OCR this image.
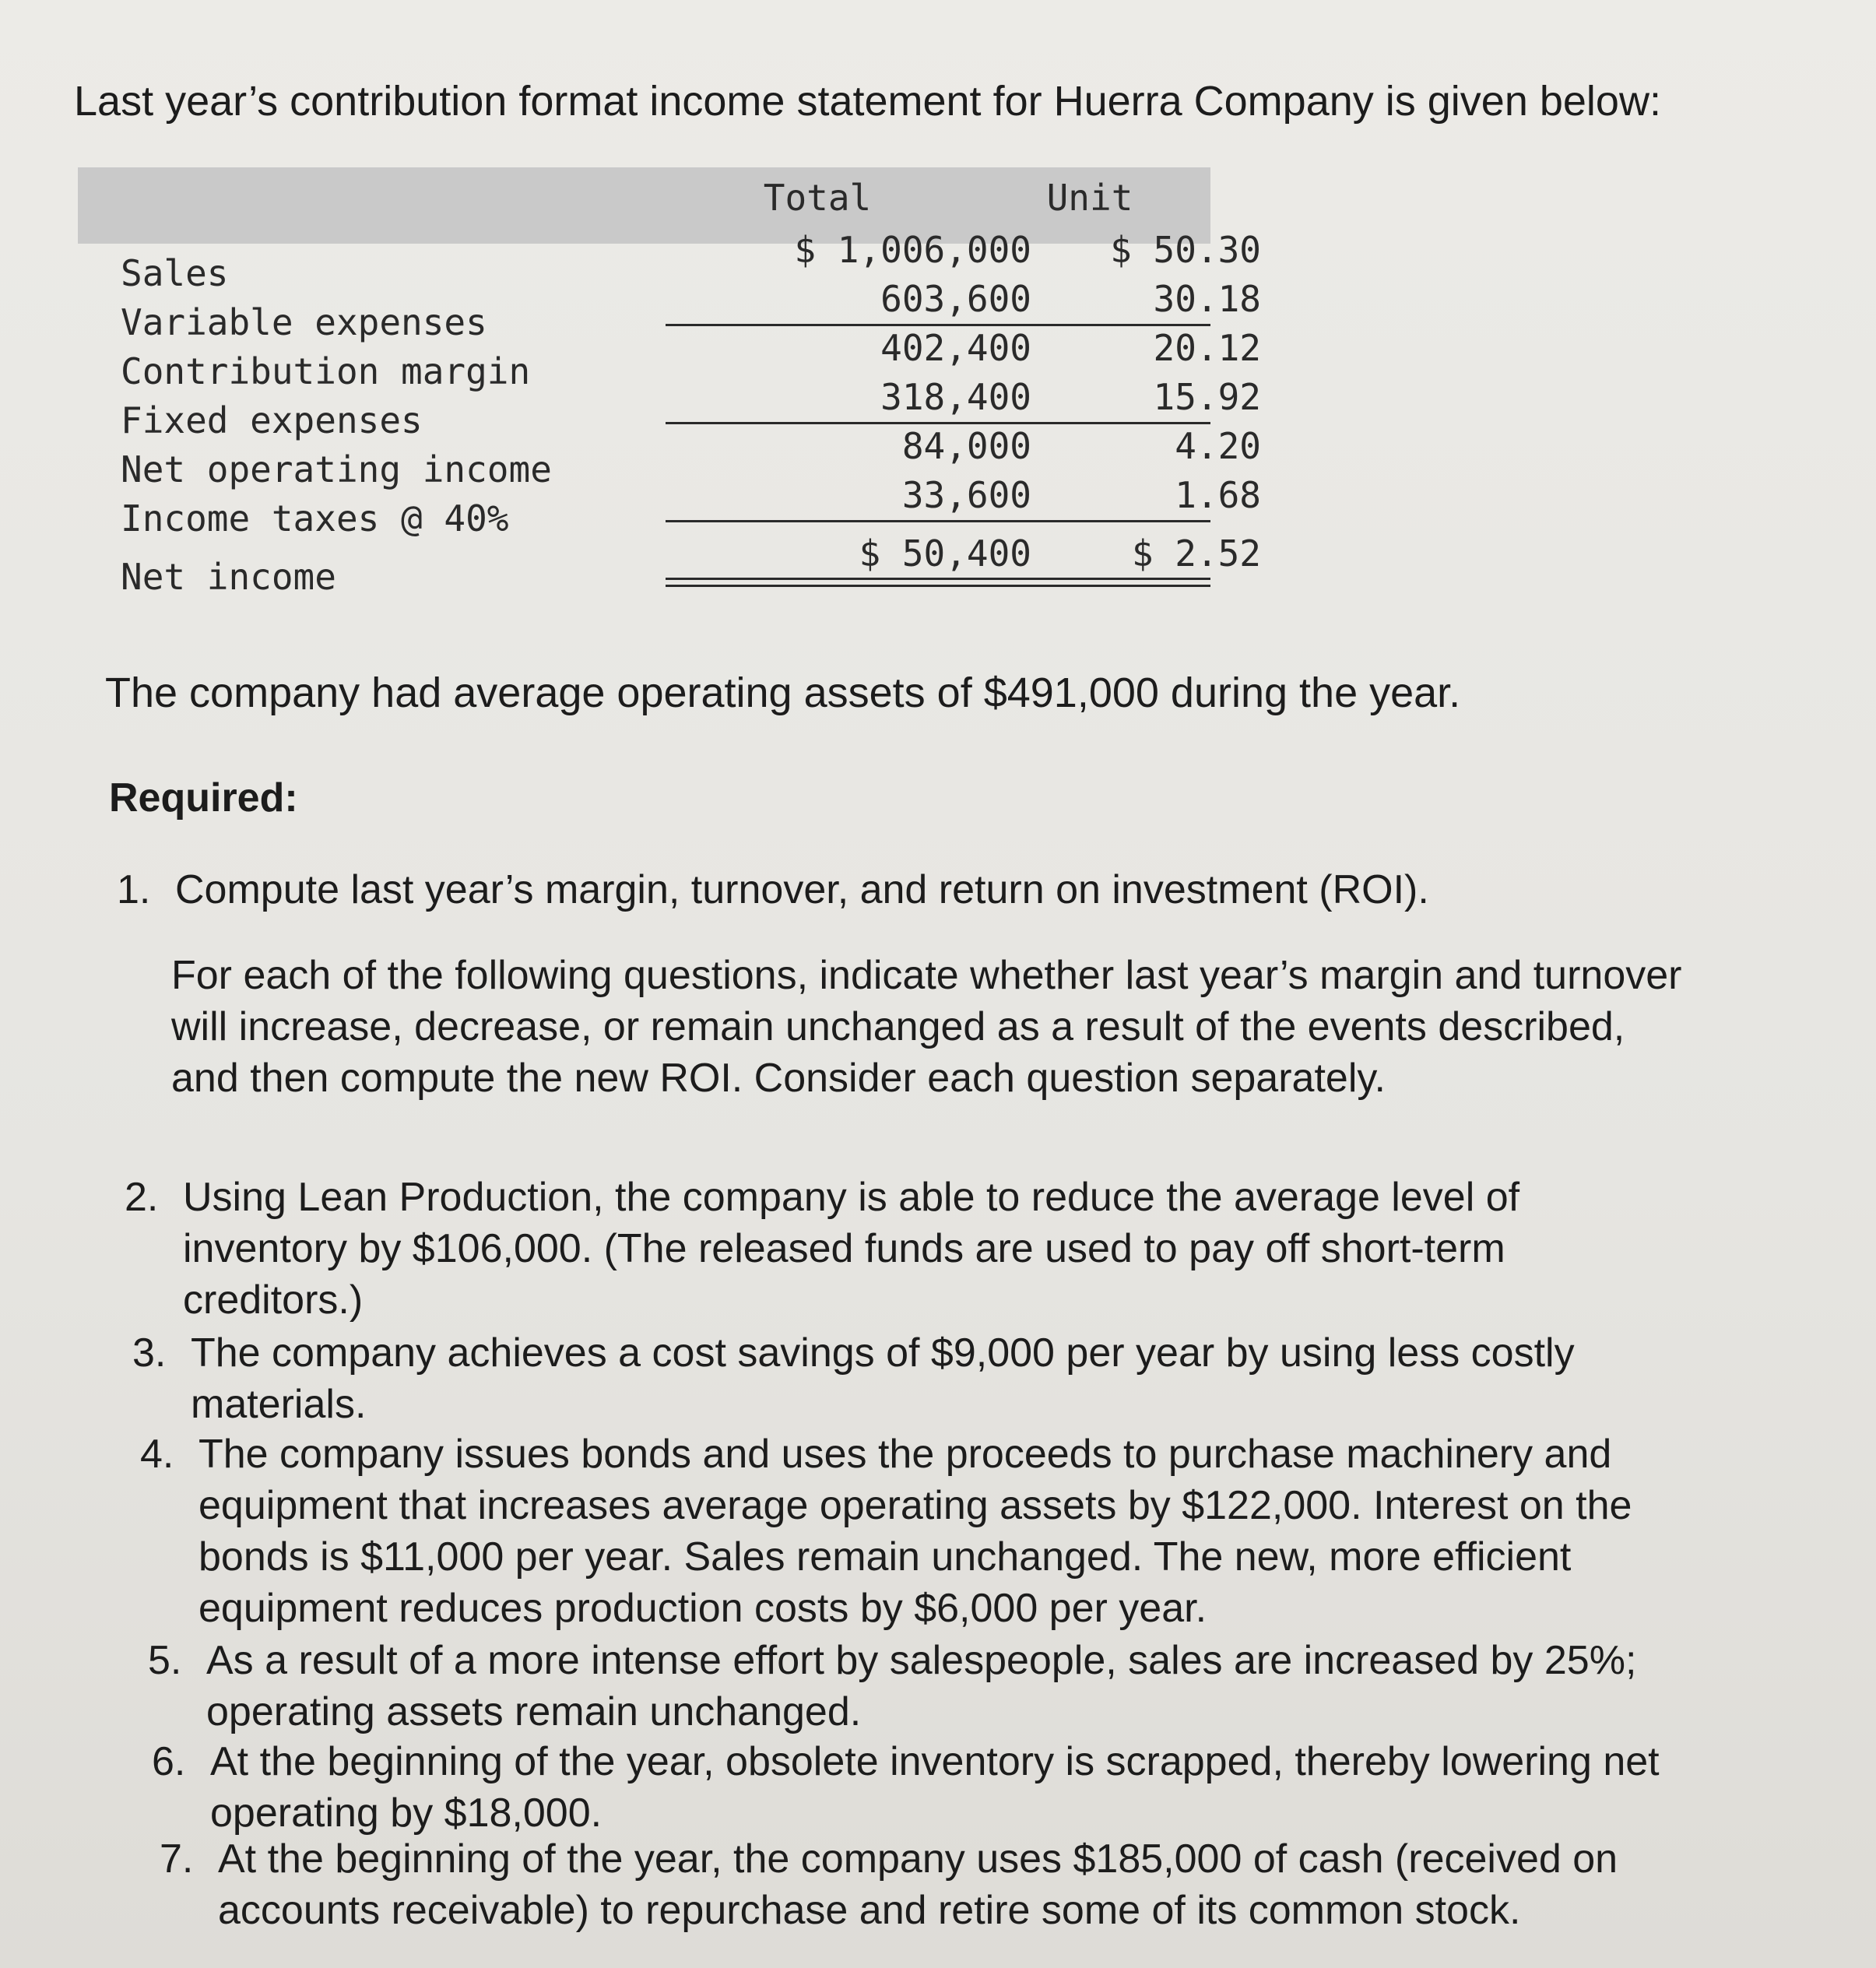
Last year’s contribution format income statement for Huerra Company is given below:
Total	Unit
Sales
Variable expenses
Contribution margin
Fixed expenses
Net operating income
Income taxes @ 40%
Net income
$ 1,006,000
603,600
402,400
318,400
84,000
33,600
$ 50,400
$ 50.30
30.18
20.12
15.92
4.20
1.68
$ 2.52
The company had average operating assets of $491,000 during the year.
Required:
1. Compute last year’s margin, turnover, and return on investment (ROI).
For each of the following questions, indicate whether last year’s margin and turnover will increase, decrease, or remain unchanged as a result of the events described, and then compute the new ROI. Consider each question separately.
2. Using Lean Production, the company is able to reduce the average level of inventory by $106,000. (The released funds are used to pay off short-term creditors.)
3. The company achieves a cost savings of $9,000 per year by using less costly materials.
4. The company issues bonds and uses the proceeds to purchase machinery and equipment that increases average operating assets by $122,000. Interest on the bonds is $11,000 per year. Sales remain unchanged. The new, more efficient equipment reduces production costs by $6,000 per year.
5. As a result of a more intense effort by salespeople, sales are increased by 25%; operating assets remain unchanged.
6. At the beginning of the year, obsolete inventory is scrapped, thereby lowering net operating by $18,000.
7. At the beginning of the year, the company uses $185,000 of cash (received on accounts receivable) to repurchase and retire some of its common stock.
